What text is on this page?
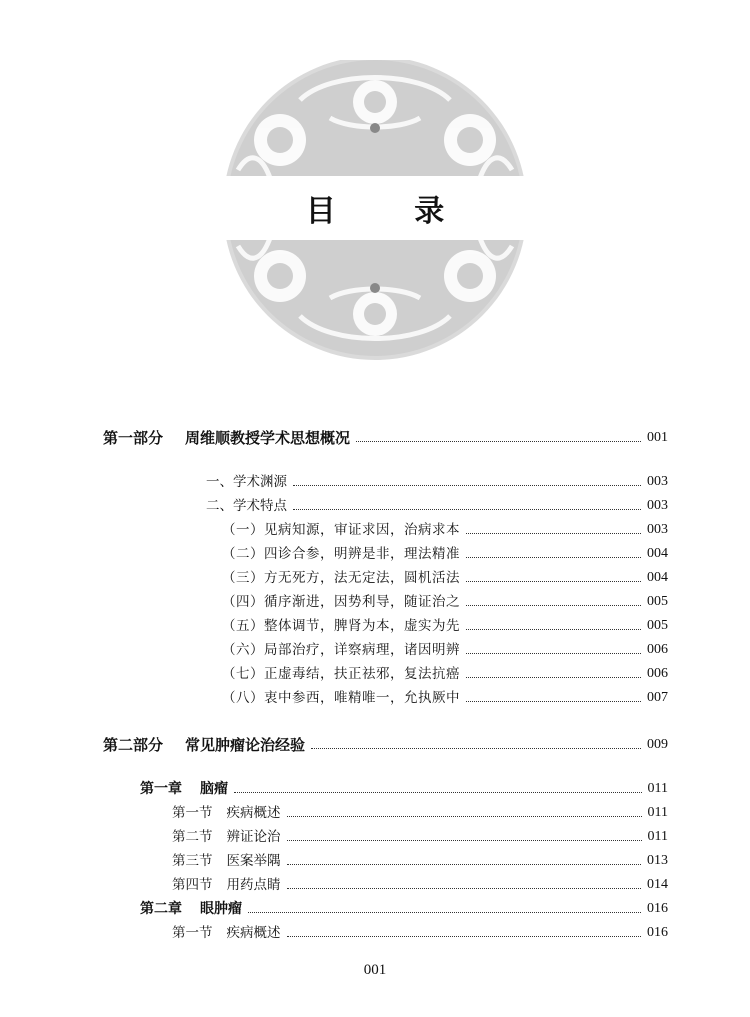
目 录
第一部分 周维顺教授学术思想概况	001
一、学术渊源	003
二、学术特点	003
（一）见病知源，审证求因，治病求本	003
（二）四诊合参，明辨是非，理法精准	004
（三）方无死方，法无定法，圆机活法	004
（四）循序渐进，因势利导，随证治之	005
（五）整体调节，脾肾为本，虚实为先	005
（六）局部治疗，详察病理，诸因明辨	006
（七）正虚毒结，扶正祛邪，复法抗癌	006
（八）衷中参西，唯精唯一，允执厥中	007
第二部分 常见肿瘤论治经验	009
第一章 脑瘤	011
第一节 疾病概述	011
第二节 辨证论治	011
第三节 医案举隅	013
第四节 用药点睛	014
第二章 眼肿瘤	016
第一节 疾病概述	016
001
